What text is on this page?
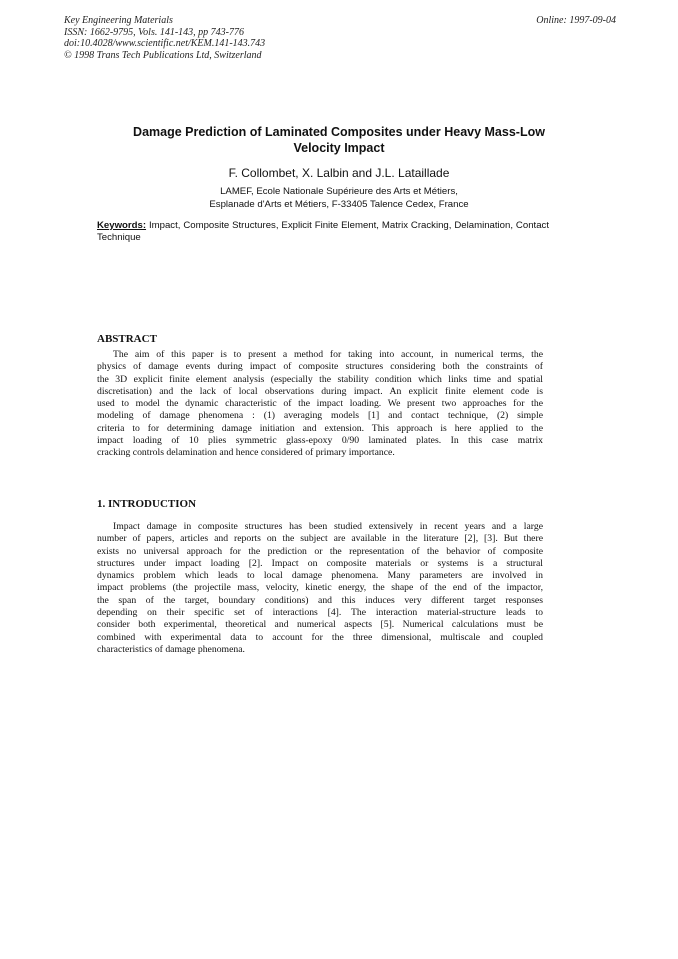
Key Engineering Materials
ISSN: 1662-9795, Vols. 141-143, pp 743-776
doi:10.4028/www.scientific.net/KEM.141-143.743
© 1998 Trans Tech Publications Ltd, Switzerland
Online: 1997-09-04
Damage Prediction of Laminated Composites under Heavy Mass-Low
Velocity Impact
F. Collombet, X. Lalbin and J.L. Lataillade
LAMEF, Ecole Nationale Supérieure des Arts et Métiers,
Esplanade d'Arts et Métiers, F-33405 Talence Cedex, France
Keywords: Impact, Composite Structures, Explicit Finite Element, Matrix Cracking, Delamination, Contact Technique
ABSTRACT
The aim of this paper is to present a method for taking into account, in numerical terms, the
physics of damage events during impact of composite structures considering both the constraints of
the 3D explicit finite element analysis (especially the stability condition which links time and spatial
discretisation) and the lack of local observations during impact. An explicit finite element code is
used to model the dynamic characteristic of the impact loading. We present two approaches for the
modeling of damage phenomena : (1) averaging models [1] and contact technique, (2) simple
criteria to for determining damage initiation and extension. This approach is here applied to the
impact loading of 10 plies symmetric glass-epoxy 0/90 laminated plates. In this case matrix
cracking controls delamination and hence considered of primary importance.
1. INTRODUCTION
Impact damage in composite structures has been studied extensively in recent years and a large
number of papers, articles and reports on the subject are available in the literature [2], [3]. But there
exists no universal approach for the prediction or the representation of the behavior of composite
structures under impact loading [2]. Impact on composite materials or systems is a structural
dynamics problem which leads to local damage phenomena. Many parameters are involved in
impact problems (the projectile mass, velocity, kinetic energy, the shape of the end of the impactor,
the span of the target, boundary conditions) and this induces very different target responses
depending on their specific set of interactions [4]. The interaction material-structure leads to
consider both experimental, theoretical and numerical aspects [5]. Numerical calculations must be
combined with experimental data to account for the three dimensional, multiscale and coupled
characteristics of damage phenomena.
